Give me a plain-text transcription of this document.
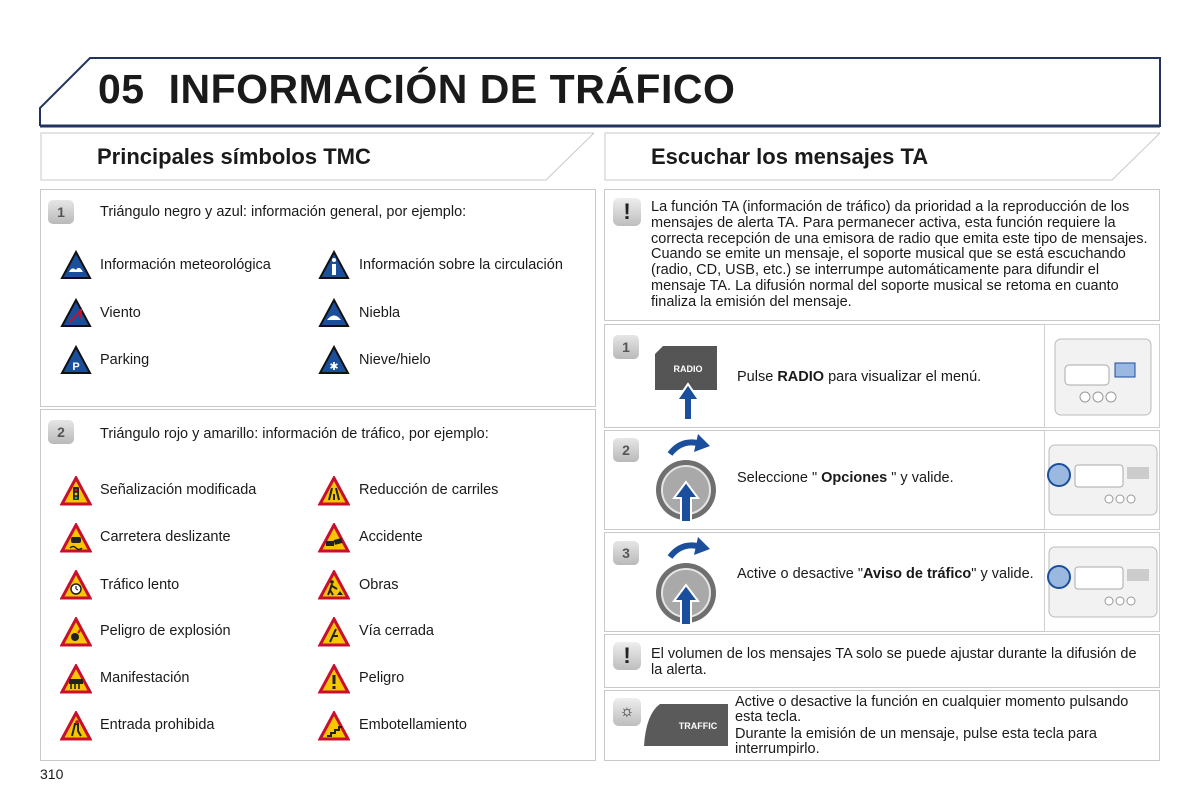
05 INFORMACIÓN DE TRÁFICO
Principales símbolos TMC	Escuchar los mensajes TA
1	Triángulo negro y azul: información general, por ejemplo:
Información meteorológica	Información sobre la circulación
Viento	Niebla
P Parking	✱ Nieve/hielo
2	Triángulo rojo y amarillo: información de tráfico, por ejemplo:
Señalización modificada	Reducción de carriles
Carretera deslizante	Accidente
Tráfico lento	Obras
Peligro de explosión	Vía cerrada
Manifestación	Peligro
Entrada prohibida	Embotellamiento
!	La función TA (información de tráfico) da prioridad a la reproducción de los mensajes de alerta TA. Para permanecer activa, esta función requiere la correcta recepción de una emisora de radio que emita este tipo de mensajes. Cuando se emite un mensaje, el soporte musical que se está escuchando (radio, CD, USB, etc.) se interrumpe automáticamente para difundir el mensaje TA. La difusión normal del soporte musical se retoma en cuanto finaliza la emisión del mensaje.
1
RADIO Pulse RADIO para visualizar el menú.
2
Seleccione " Opciones " y valide.
3
Active o desactive "Aviso de tráfico" y valide.
!	El volumen de los mensajes TA solo se puede ajustar durante la difusión de la alerta.
☼
TRAFFIC
Active o desactive la función en cualquier momento pulsando esta tecla.
Durante la emisión de un mensaje, pulse esta tecla para interrumpirlo.
310
